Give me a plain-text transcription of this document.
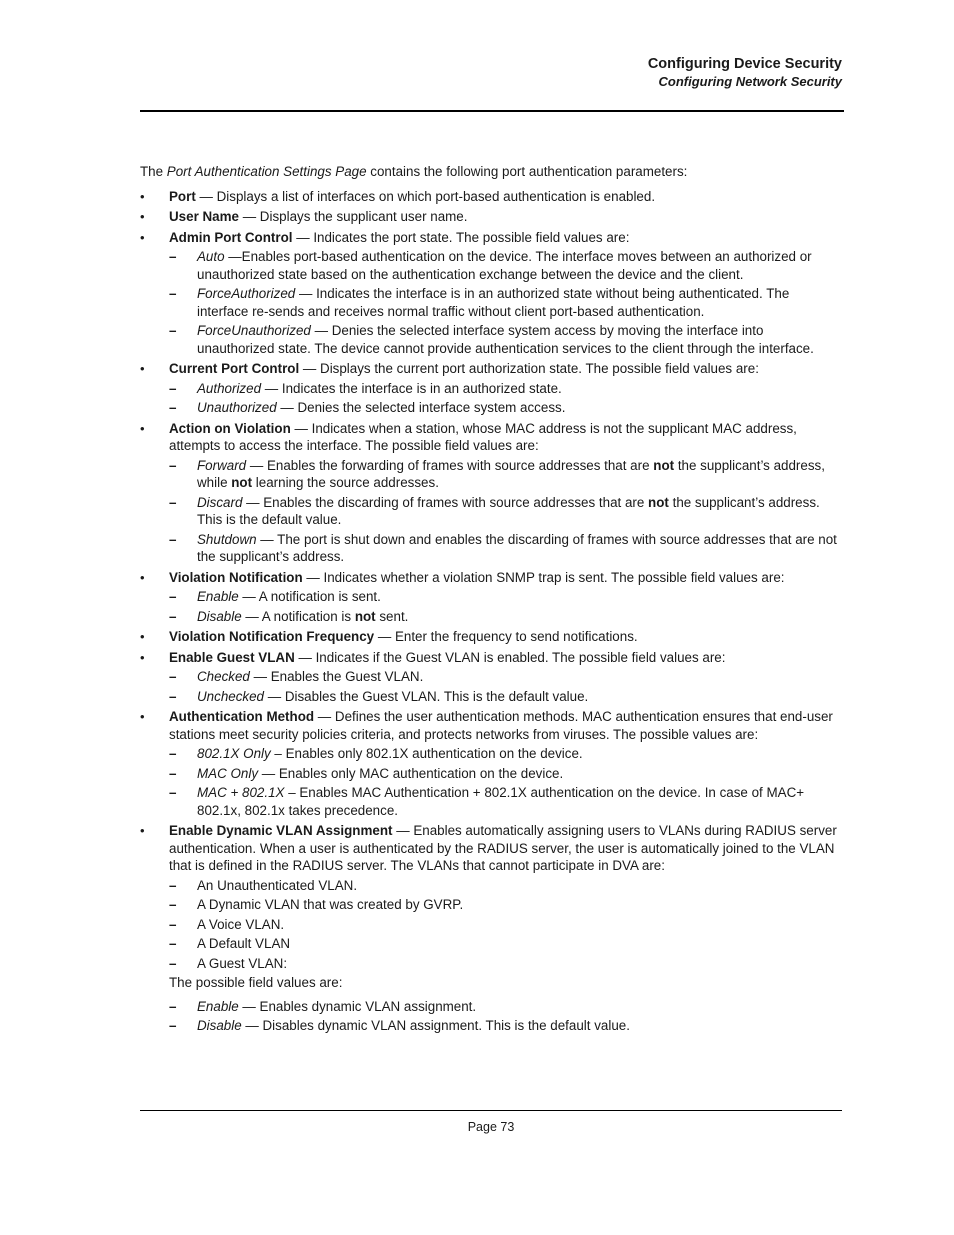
Configuring Device Security
Configuring Network Security
The Port Authentication Settings Page contains the following port authentication parameters:
• Port — Displays a list of interfaces on which port-based authentication is enabled.
• User Name — Displays the supplicant user name.
• Admin Port Control — Indicates the port state. The possible field values are:
– Auto —Enables port-based authentication on the device. The interface moves between an authorized or unauthorized state based on the authentication exchange between the device and the client.
– ForceAuthorized — Indicates the interface is in an authorized state without being authenticated. The interface re-sends and receives normal traffic without client port-based authentication.
– ForceUnauthorized — Denies the selected interface system access by moving the interface into unauthorized state. The device cannot provide authentication services to the client through the interface.
• Current Port Control — Displays the current port authorization state. The possible field values are:
– Authorized — Indicates the interface is in an authorized state.
– Unauthorized — Denies the selected interface system access.
• Action on Violation — Indicates when a station, whose MAC address is not the supplicant MAC address, attempts to access the interface. The possible field values are:
– Forward — Enables the forwarding of frames with source addresses that are not the supplicant’s address, while not learning the source addresses.
– Discard — Enables the discarding of frames with source addresses that are not the supplicant’s address. This is the default value.
– Shutdown — The port is shut down and enables the discarding of frames with source addresses that are not the supplicant’s address.
• Violation Notification — Indicates whether a violation SNMP trap is sent. The possible field values are:
– Enable — A notification is sent.
– Disable — A notification is not sent.
• Violation Notification Frequency — Enter the frequency to send notifications.
• Enable Guest VLAN — Indicates if the Guest VLAN is enabled. The possible field values are:
– Checked — Enables the Guest VLAN.
– Unchecked — Disables the Guest VLAN. This is the default value.
• Authentication Method — Defines the user authentication methods. MAC authentication ensures that end-user stations meet security policies criteria, and protects networks from viruses. The possible values are:
– 802.1X Only – Enables only 802.1X authentication on the device.
– MAC Only — Enables only MAC authentication on the device.
– MAC + 802.1X – Enables MAC Authentication + 802.1X authentication on the device. In case of MAC+ 802.1x, 802.1x takes precedence.
• Enable Dynamic VLAN Assignment — Enables automatically assigning users to VLANs during RADIUS server authentication. When a user is authenticated by the RADIUS server, the user is automatically joined to the VLAN that is defined in the RADIUS server. The VLANs that cannot participate in DVA are:
– An Unauthenticated VLAN.
– A Dynamic VLAN that was created by GVRP.
– A Voice VLAN.
– A Default VLAN
– A Guest VLAN:
The possible field values are:
– Enable — Enables dynamic VLAN assignment.
– Disable — Disables dynamic VLAN assignment. This is the default value.
Page 73
